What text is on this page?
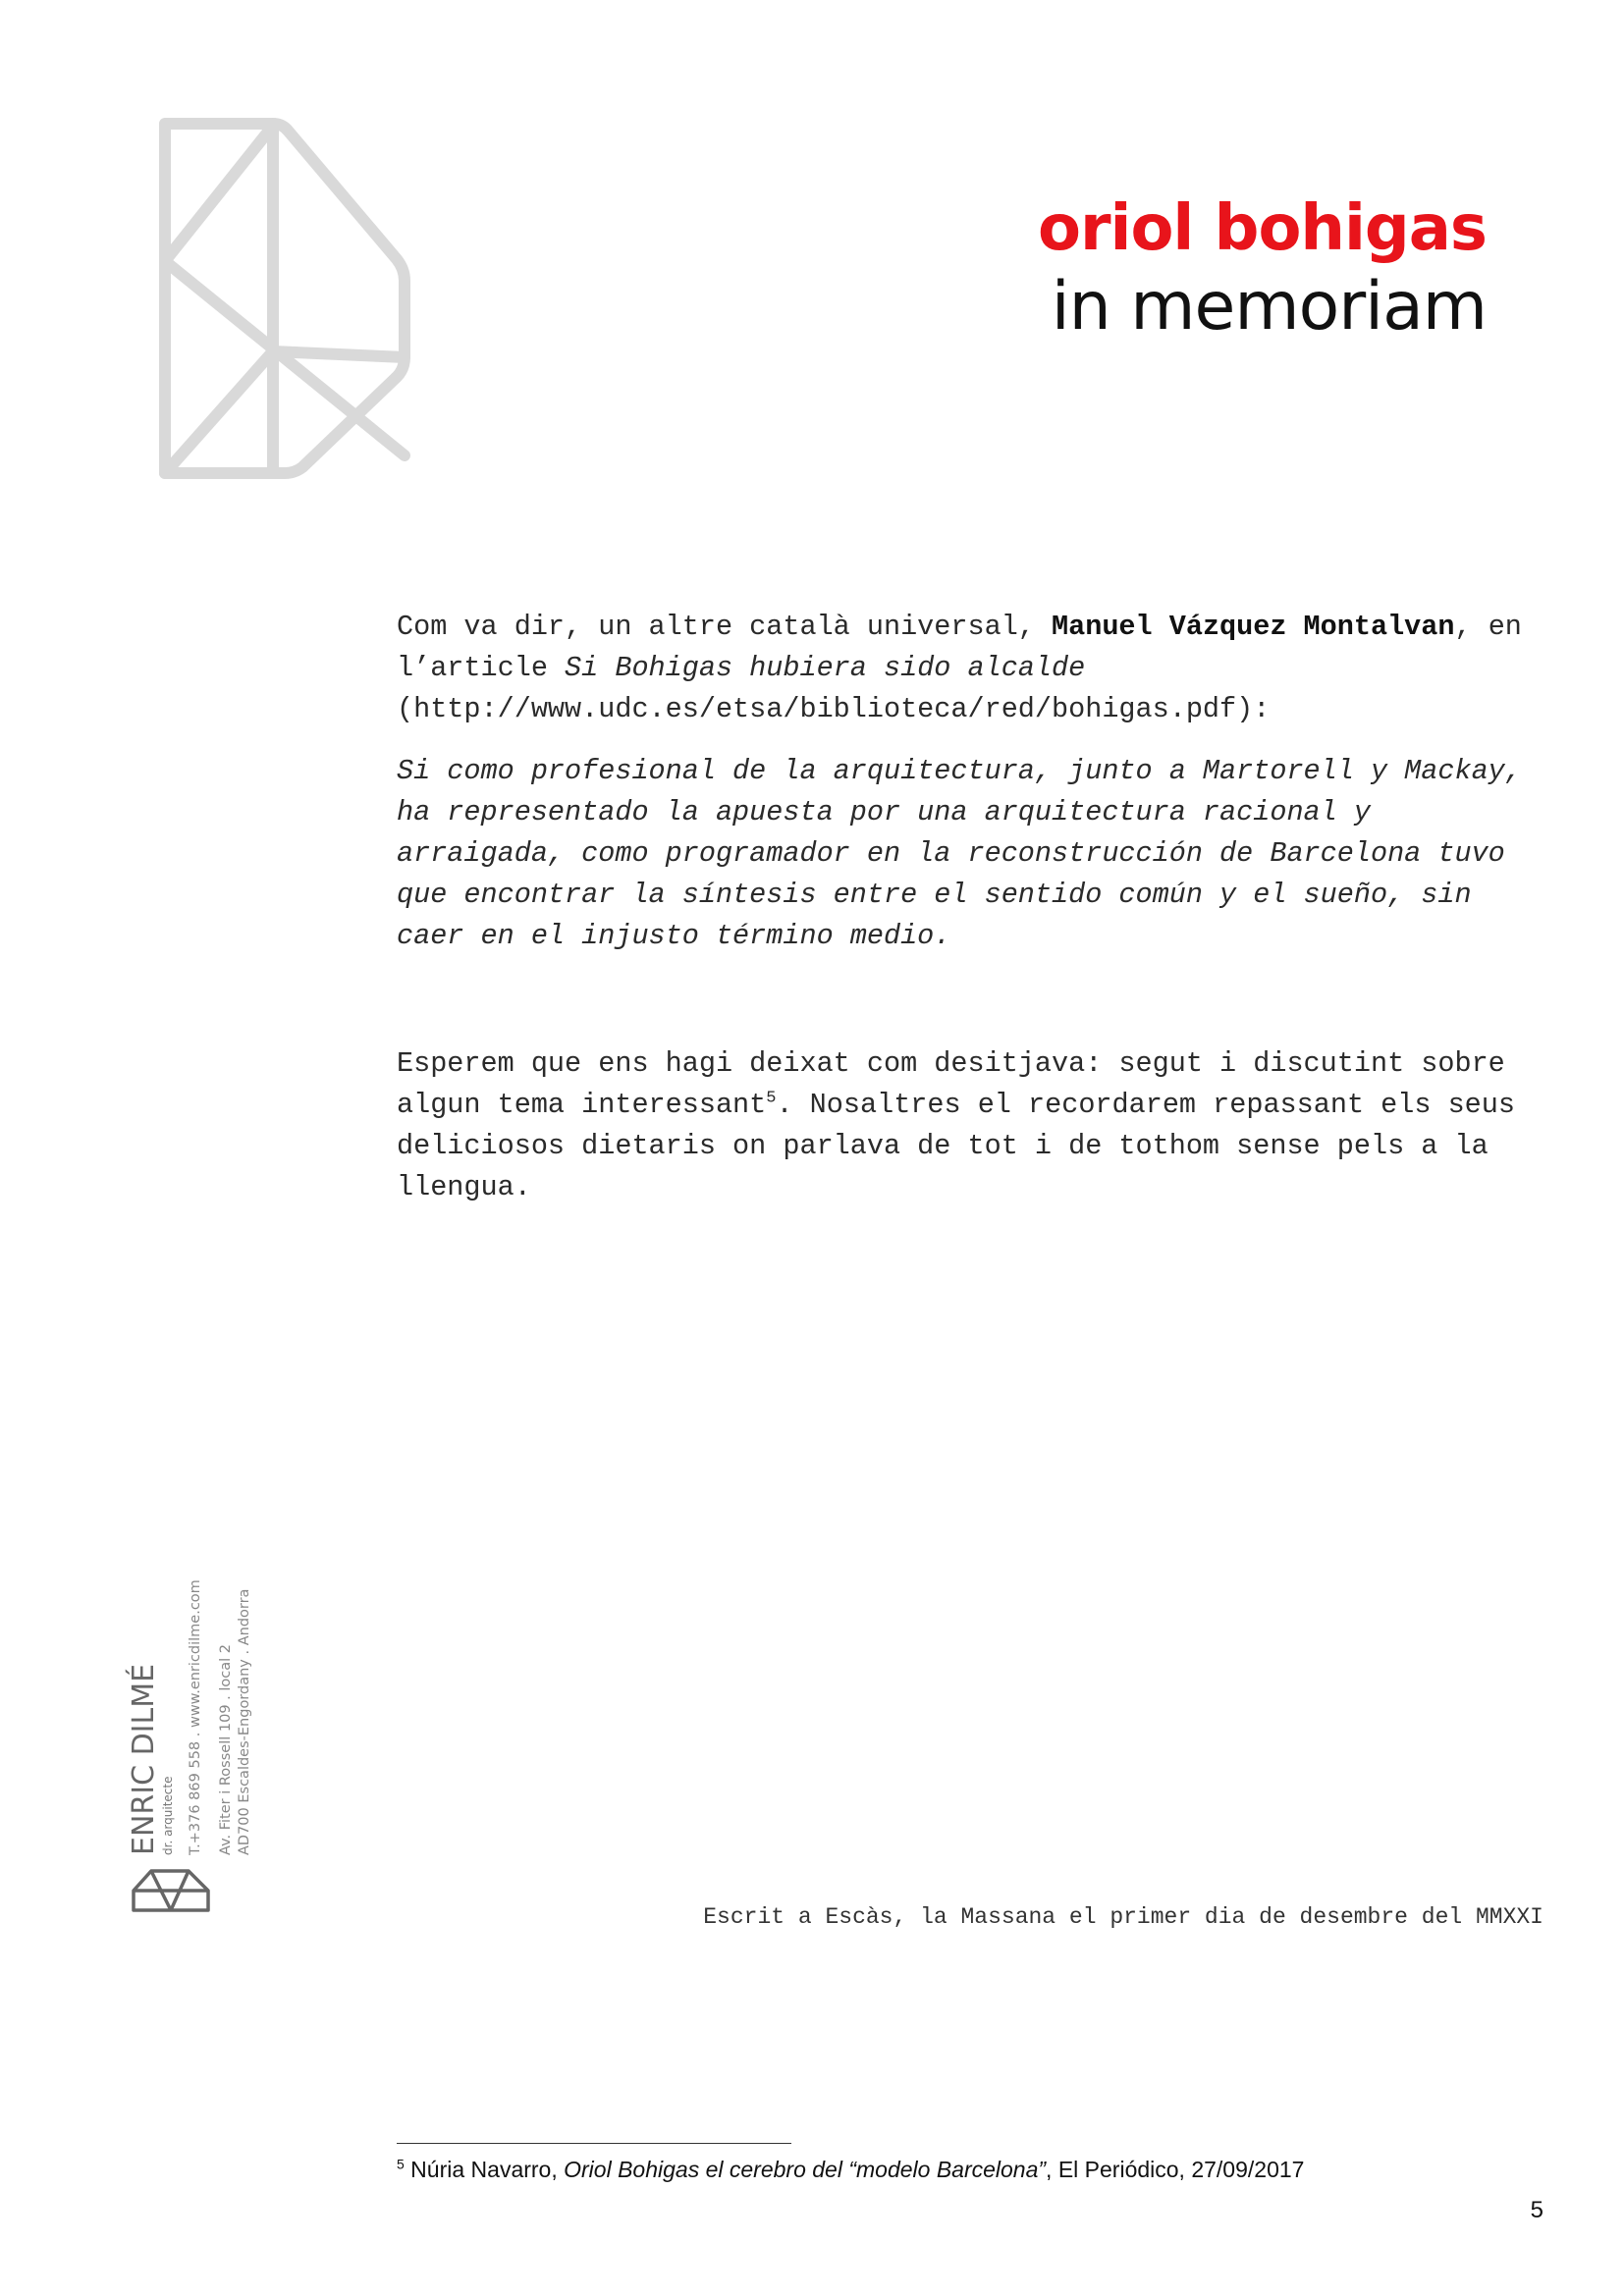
oriol bohigas
in memoriam

Com va dir, un altre català universal, Manuel Vázquez Montalvan, en l’article Si Bohigas hubiera sido alcalde (http://www.udc.es/etsa/biblioteca/red/bohigas.pdf):

Si como profesional de la arquitectura, junto a Martorell y Mackay, ha representado la apuesta por una arquitectura racional y arraigada, como programador en la reconstrucción de Barcelona tuvo que encontrar la síntesis entre el sentido común y el sueño, sin caer en el injusto término medio.

Esperem que ens hagi deixat com desitjava: segut i discutint sobre algun tema interessant$^5$. Nosaltres el recordarem repassant els seus deliciosos dietaris on parlava de tot i de tothom sense pels a la llengua.

ENRIC DILMÉ dr. arquitecte T.+376 869 558 . www.enricdilme.com Av. Fiter i Rossell 109 . local 2 AD700 Escaldes-Engordany . Andorra
Escrit a Escàs, la Massana el primer dia de desembre del MMXXI
$^5$ Núria Navarro, Oriol Bohigas el cerebro del “modelo Barcelona”, El Periódico, 27/09/2017
5
